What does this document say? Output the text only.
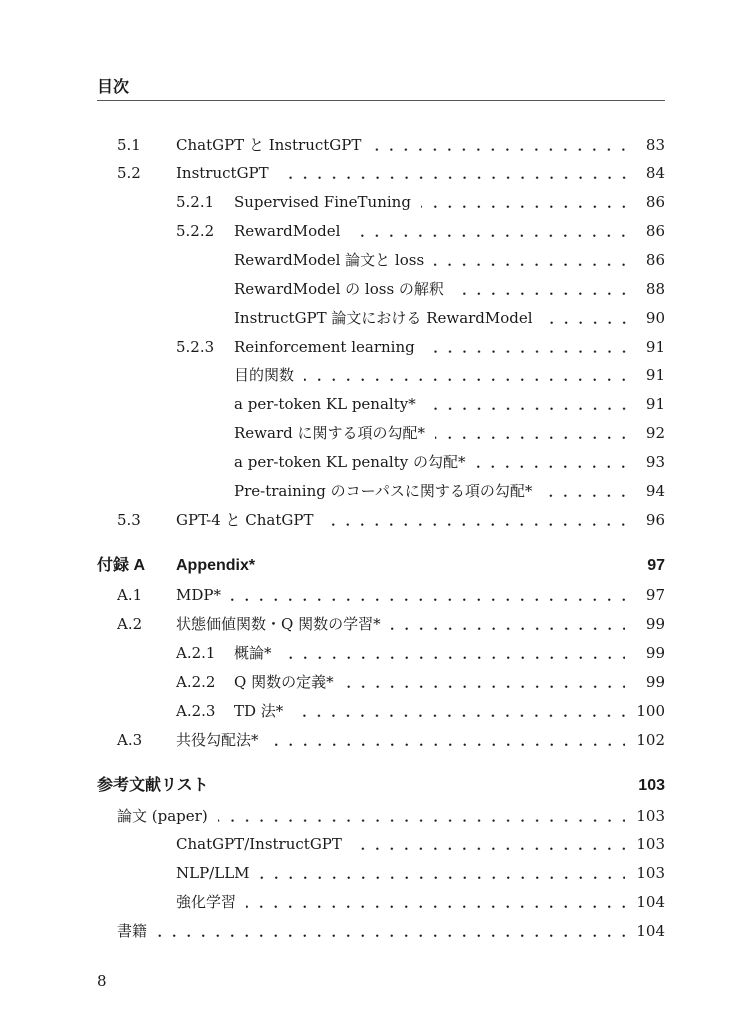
目次
5.1	ChatGPT と InstructGPT	83
5.2	InstructGPT	84
5.2.1	Supervised FineTuning	86
5.2.2	RewardModel	86
RewardModel 論文と loss	86
RewardModel の loss の解釈	88
InstructGPT 論文における RewardModel	90
5.2.3	Reinforcement learning	91
目的関数	91
a per-token KL penalty*	91
Reward に関する項の勾配*	92
a per-token KL penalty の勾配*	93
Pre-training のコーパスに関する項の勾配*	94
5.3	GPT-4 と ChatGPT	96
付録 A	Appendix*	97
A.1	MDP*	97
A.2	状態価値関数・Q 関数の学習*	99
A.2.1	概論*	99
A.2.2	Q 関数の定義*	99
A.2.3	TD 法*	100
A.3	共役勾配法*	102
参考文献リスト	103
論文 (paper)	103
ChatGPT/InstructGPT	103
NLP/LLM	103
強化学習	104
書籍	104
8
